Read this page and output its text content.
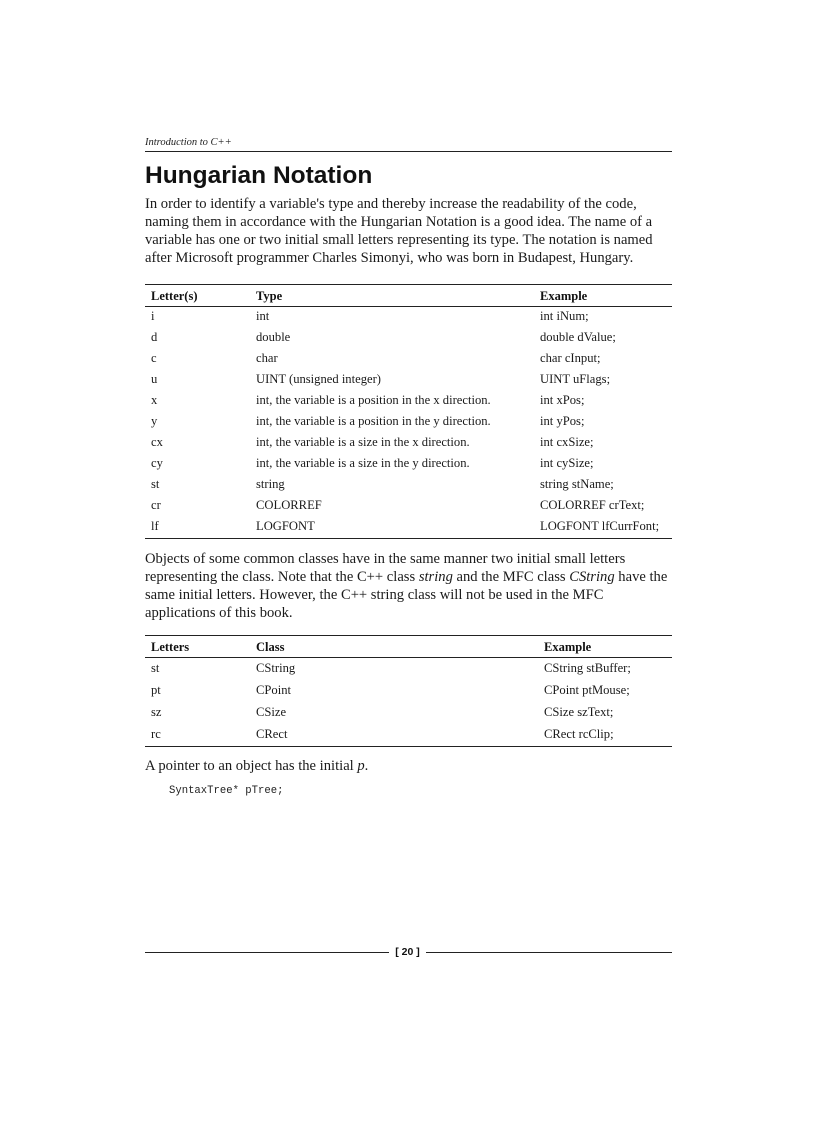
Introduction to C++
Hungarian Notation

In order to identify a variable's type and thereby increase the readability of the code, naming them in accordance with the Hungarian Notation is a good idea. The name of a variable has one or two initial small letters representing its type. The notation is named after Microsoft programmer Charles Simonyi, who was born in Budapest, Hungary.

Letter(s)	Type	Example
i	int	int iNum;
d	double	double dValue;
c	char	char cInput;
u	UINT (unsigned integer)	UINT uFlags;
x	int, the variable is a position in the x direction.	int xPos;
y	int, the variable is a position in the y direction.	int yPos;
cx	int, the variable is a size in the x direction.	int cxSize;
cy	int, the variable is a size in the y direction.	int cySize;
st	string	string stName;
cr	COLORREF	COLORREF crText;
lf	LOGFONT	LOGFONT lfCurrFont;

Objects of some common classes have in the same manner two initial small letters representing the class. Note that the C++ class string and the MFC class CString have the same initial letters. However, the C++ string class will not be used in the MFC applications of this book.

Letters	Class	Example
st	CString	CString stBuffer;
pt	CPoint	CPoint ptMouse;
sz	CSize	CSize szText;
rc	CRect	CRect rcClip;

A pointer to an object has the initial p.

SyntaxTree* pTree;
[ 20 ]
